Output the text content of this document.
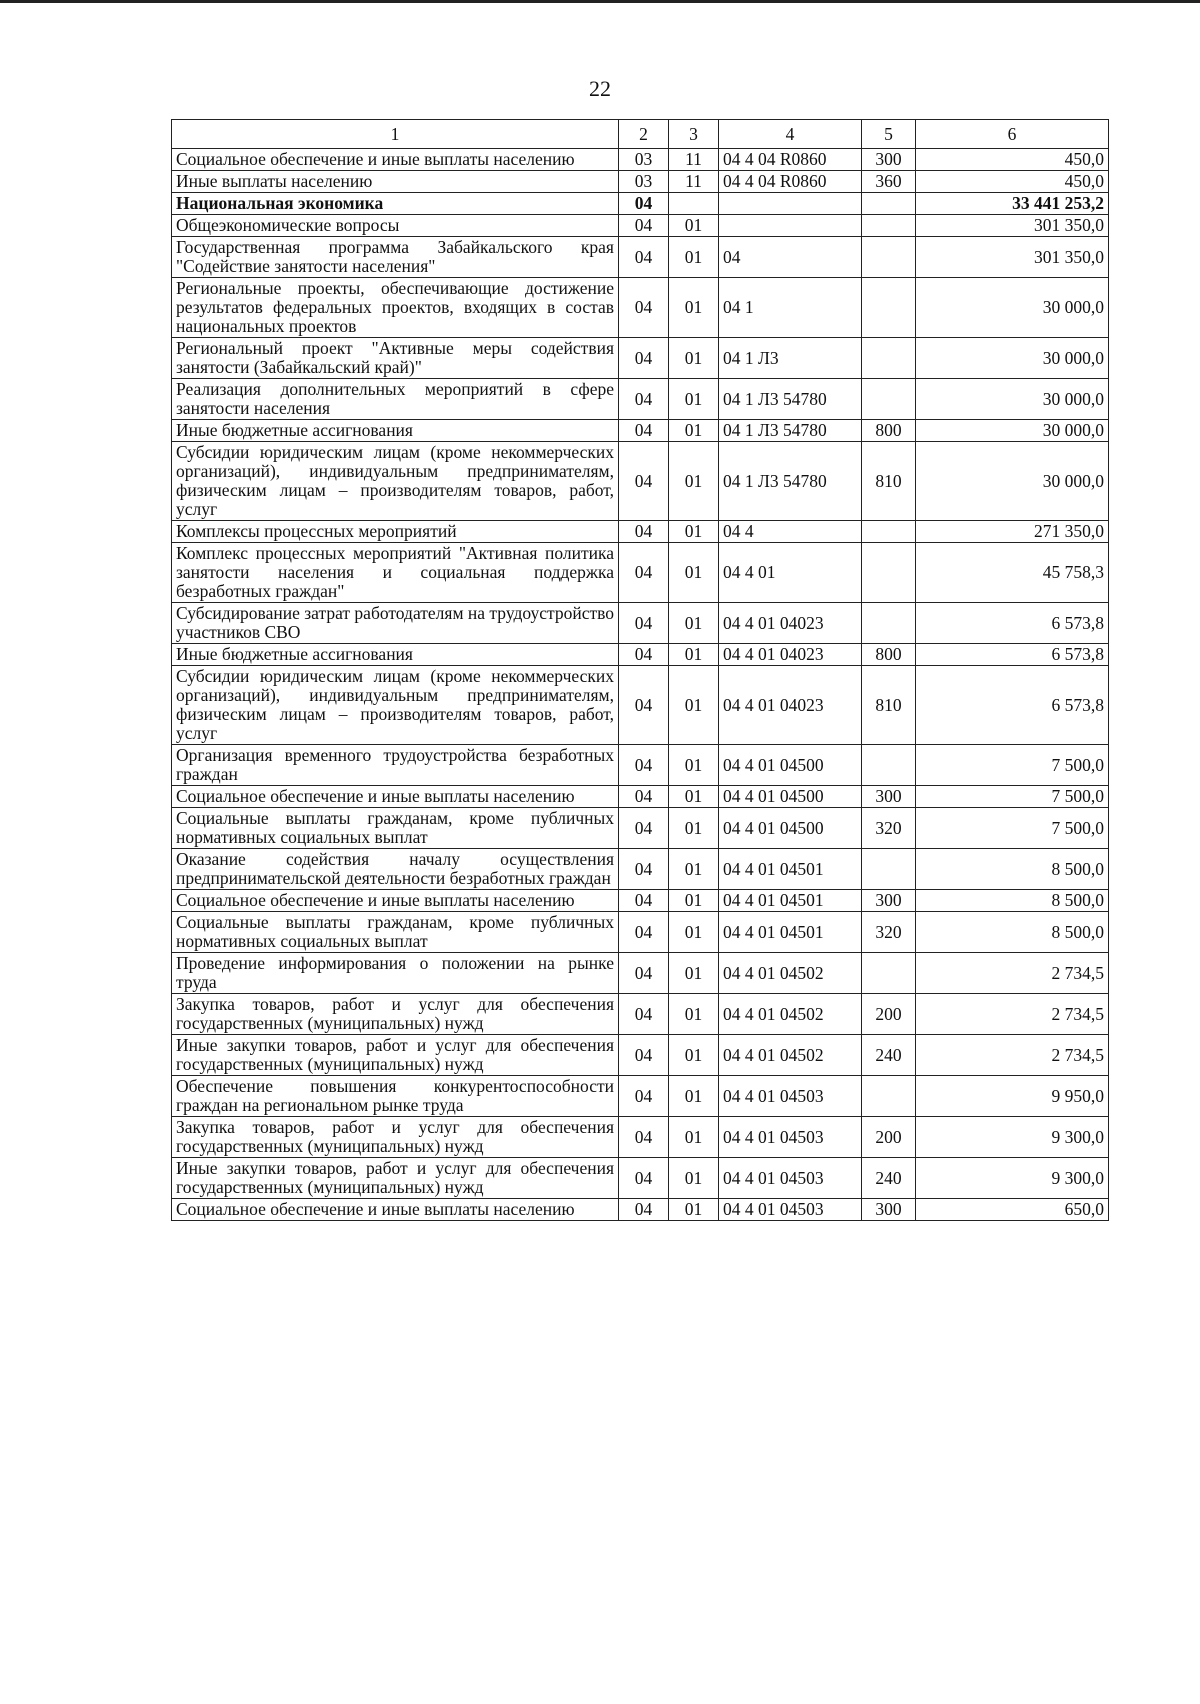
22
1	2	3	4	5	6
Социальное обеспечение и иные выплаты населению	03	11	04 4 04 R0860	300	450,0
Иные выплаты населению	03	11	04 4 04 R0860	360	450,0
Национальная экономика	04				33 441 253,2
Общеэкономические вопросы	04	01			301 350,0
Государственная программа Забайкальского края "Содействие занятости населения"	04	01	04		301 350,0
Региональные проекты, обеспечивающие достижение результатов федеральных проектов, входящих в состав национальных проектов	04	01	04 1		30 000,0
Региональный проект "Активные меры содействия занятости (Забайкальский край)"	04	01	04 1 Л3		30 000,0
Реализация дополнительных мероприятий в сфере занятости населения	04	01	04 1 Л3 54780		30 000,0
Иные бюджетные ассигнования	04	01	04 1 Л3 54780	800	30 000,0
Субсидии юридическим лицам (кроме некоммерческих организаций), индивидуальным предпринимателям, физическим лицам – производителям товаров, работ, услуг	04	01	04 1 Л3 54780	810	30 000,0
Комплексы процессных мероприятий	04	01	04 4		271 350,0
Комплекс процессных мероприятий "Активная политика занятости населения и социальная поддержка безработных граждан"	04	01	04 4 01		45 758,3
Субсидирование затрат работодателям на трудоустройство участников СВО	04	01	04 4 01 04023		6 573,8
Иные бюджетные ассигнования	04	01	04 4 01 04023	800	6 573,8
Субсидии юридическим лицам (кроме некоммерческих организаций), индивидуальным предпринимателям, физическим лицам – производителям товаров, работ, услуг	04	01	04 4 01 04023	810	6 573,8
Организация временного трудоустройства безработных граждан	04	01	04 4 01 04500		7 500,0
Социальное обеспечение и иные выплаты населению	04	01	04 4 01 04500	300	7 500,0
Социальные выплаты гражданам, кроме публичных нормативных социальных выплат	04	01	04 4 01 04500	320	7 500,0
Оказание содействия началу осуществления предпринимательской деятельности безработных граждан	04	01	04 4 01 04501		8 500,0
Социальное обеспечение и иные выплаты населению	04	01	04 4 01 04501	300	8 500,0
Социальные выплаты гражданам, кроме публичных нормативных социальных выплат	04	01	04 4 01 04501	320	8 500,0
Проведение информирования о положении на рынке труда	04	01	04 4 01 04502		2 734,5
Закупка товаров, работ и услуг для обеспечения государственных (муниципальных) нужд	04	01	04 4 01 04502	200	2 734,5
Иные закупки товаров, работ и услуг для обеспечения государственных (муниципальных) нужд	04	01	04 4 01 04502	240	2 734,5
Обеспечение повышения конкурентоспособности граждан на региональном рынке труда	04	01	04 4 01 04503		9 950,0
Закупка товаров, работ и услуг для обеспечения государственных (муниципальных) нужд	04	01	04 4 01 04503	200	9 300,0
Иные закупки товаров, работ и услуг для обеспечения государственных (муниципальных) нужд	04	01	04 4 01 04503	240	9 300,0
Социальное обеспечение и иные выплаты населению	04	01	04 4 01 04503	300	650,0
